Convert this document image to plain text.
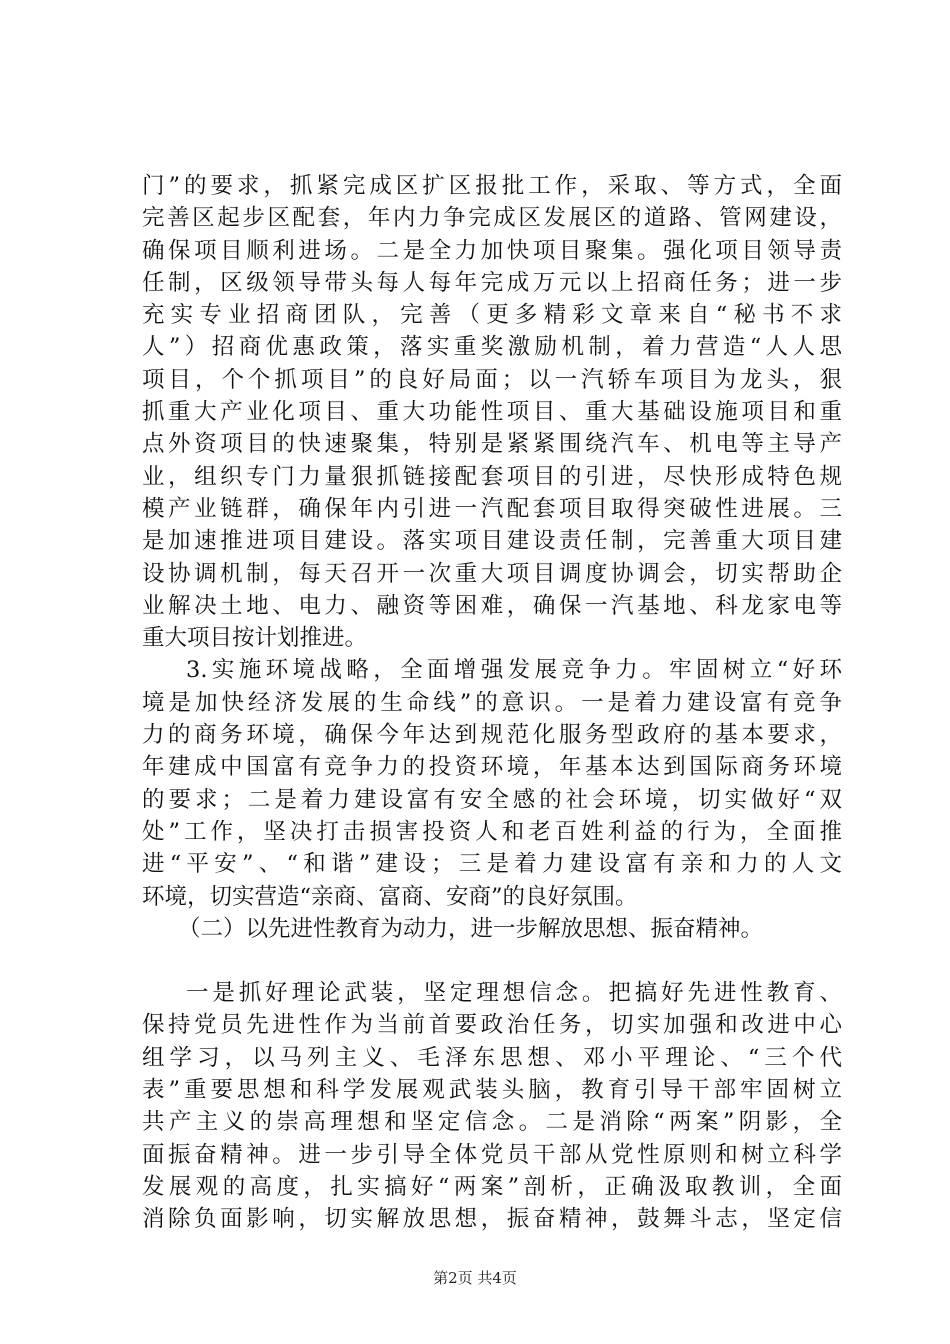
门”的要求，抓紧完成区扩区报批工作，采取、等方式，全面
完善区起步区配套，年内力争完成区发展区的道路、管网建设，
确保项目顺利进场。二是全力加快项目聚集。强化项目领导责
任制，区级领导带头每人每年完成万元以上招商任务；进一步
充实专业招商团队，完善（更多精彩文章来自“秘书不求
人”）招商优惠政策，落实重奖激励机制，着力营造“人人思
项目，个个抓项目”的良好局面；以一汽轿车项目为龙头，狠
抓重大产业化项目、重大功能性项目、重大基础设施项目和重
点外资项目的快速聚集，特别是紧紧围绕汽车、机电等主导产
业，组织专门力量狠抓链接配套项目的引进，尽快形成特色规
模产业链群，确保年内引进一汽配套项目取得突破性进展。三
是加速推进项目建设。落实项目建设责任制，完善重大项目建
设协调机制，每天召开一次重大项目调度协调会，切实帮助企
业解决土地、电力、融资等困难，确保一汽基地、科龙家电等
重大项目按计划推进。
3.实施环境战略，全面增强发展竞争力。牢固树立“好环
境是加快经济发展的生命线”的意识。一是着力建设富有竞争
力的商务环境，确保今年达到规范化服务型政府的基本要求，
年建成中国富有竞争力的投资环境，年基本达到国际商务环境
的要求；二是着力建设富有安全感的社会环境，切实做好“双
处”工作，坚决打击损害投资人和老百姓利益的行为，全面推
进“平安”、“和谐”建设；三是着力建设富有亲和力的人文
环境，切实营造“亲商、富商、安商”的良好氛围。
（二）以先进性教育为动力，进一步解放思想、振奋精神。
一是抓好理论武装，坚定理想信念。把搞好先进性教育、
保持党员先进性作为当前首要政治任务，切实加强和改进中心
组学习，以马列主义、毛泽东思想、邓小平理论、“三个代
表”重要思想和科学发展观武装头脑，教育引导干部牢固树立
共产主义的崇高理想和坚定信念。二是消除“两案”阴影，全
面振奋精神。进一步引导全体党员干部从党性原则和树立科学
发展观的高度，扎实搞好“两案”剖析，正确汲取教训，全面
消除负面影响，切实解放思想，振奋精神，鼓舞斗志，坚定信
第2页 共4页
